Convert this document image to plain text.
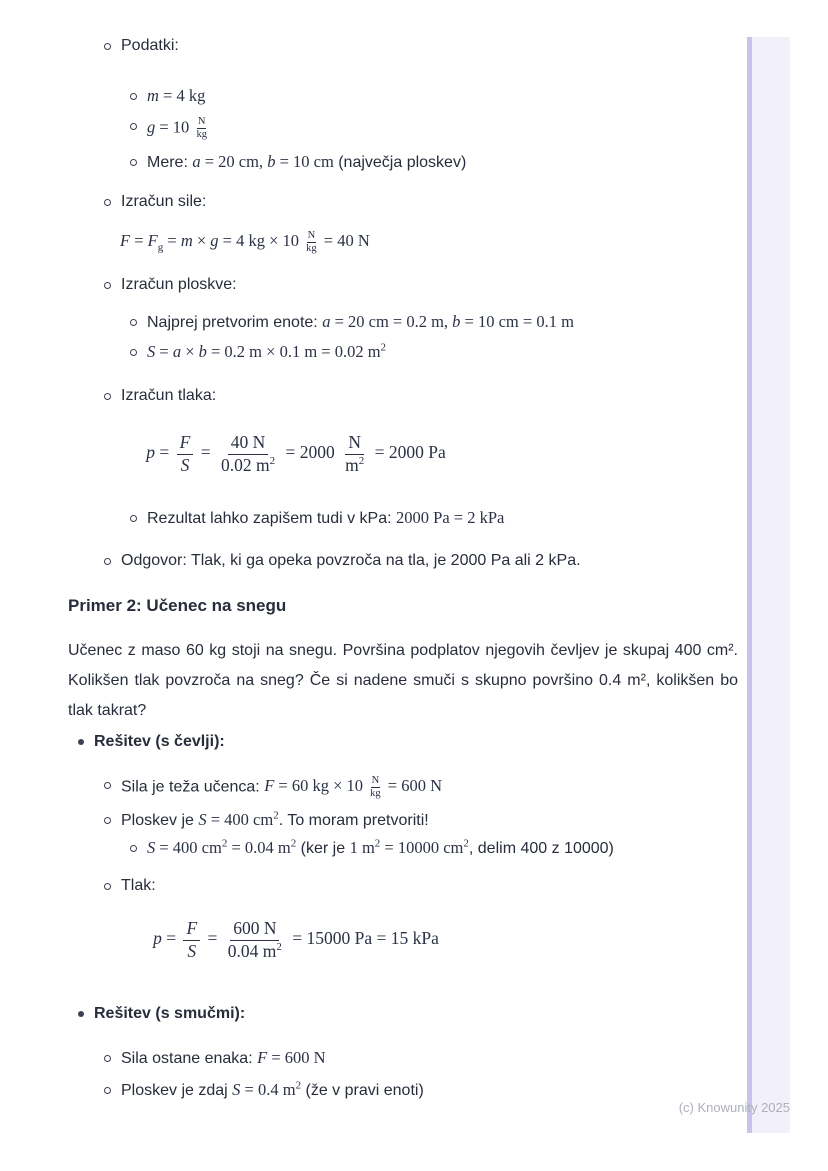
Podatki:
m = 4 kg
$g = 10 \frac{N}{kg}$
Mere: a = 20 cm, b = 10 cm (največja ploskev)
Izračun sile:
$F = F_g = m \times g = 4$ kg × $10 \frac{N}{kg} = 40$ N
Izračun ploskve:
Najprej pretvorim enote: a = 20 cm = 0.2 m, b = 10 cm = 0.1 m
S = a × b = 0.2 m × 0.1 m = 0.02 $m^2$
Izračun tlaka:
$p = \frac{F}{S} = \frac{40 N}{0.02 m^2} = 2000 \frac{N}{m^2} = 2000$ Pa
Rezultat lahko zapišem tudi v kPa: 2000 Pa = 2 kPa
Odgovor: Tlak, ki ga opeka povzroča na tla, je 2000 Pa ali 2 kPa.
Primer 2: Učenec na snegu
Učenec z maso 60 kg stoji na snegu. Površina podplatov njegovih čevljev je skupaj 400 cm². Kolikšen tlak povzroča na sneg? Če si nadene smuči s skupno površino 0.4 m², kolikšen bo tlak takrat?
Rešitev (s čevlji):
Sila je teža učenca: F = 60 kg × $10 \frac{N}{kg} = 600$ N
Ploskev je S = 400 $cm^2$. To moram pretvoriti!
S = 400 $cm^2 = 0.04$ $m^2$ (ker je 1 $m^2 = 10000$ $cm^2$, delim 400 z 10000)
Tlak:
$p = \frac{F}{S} = \frac{600 N}{0.04 m^2} = 15000$ Pa = 15 kPa
Rešitev (s smučmi):
Sila ostane enaka: F = 600 N
Ploskev je zdaj S = 0.4 $m^2$ (že v pravi enoti)
(c) Knowunity 2025
